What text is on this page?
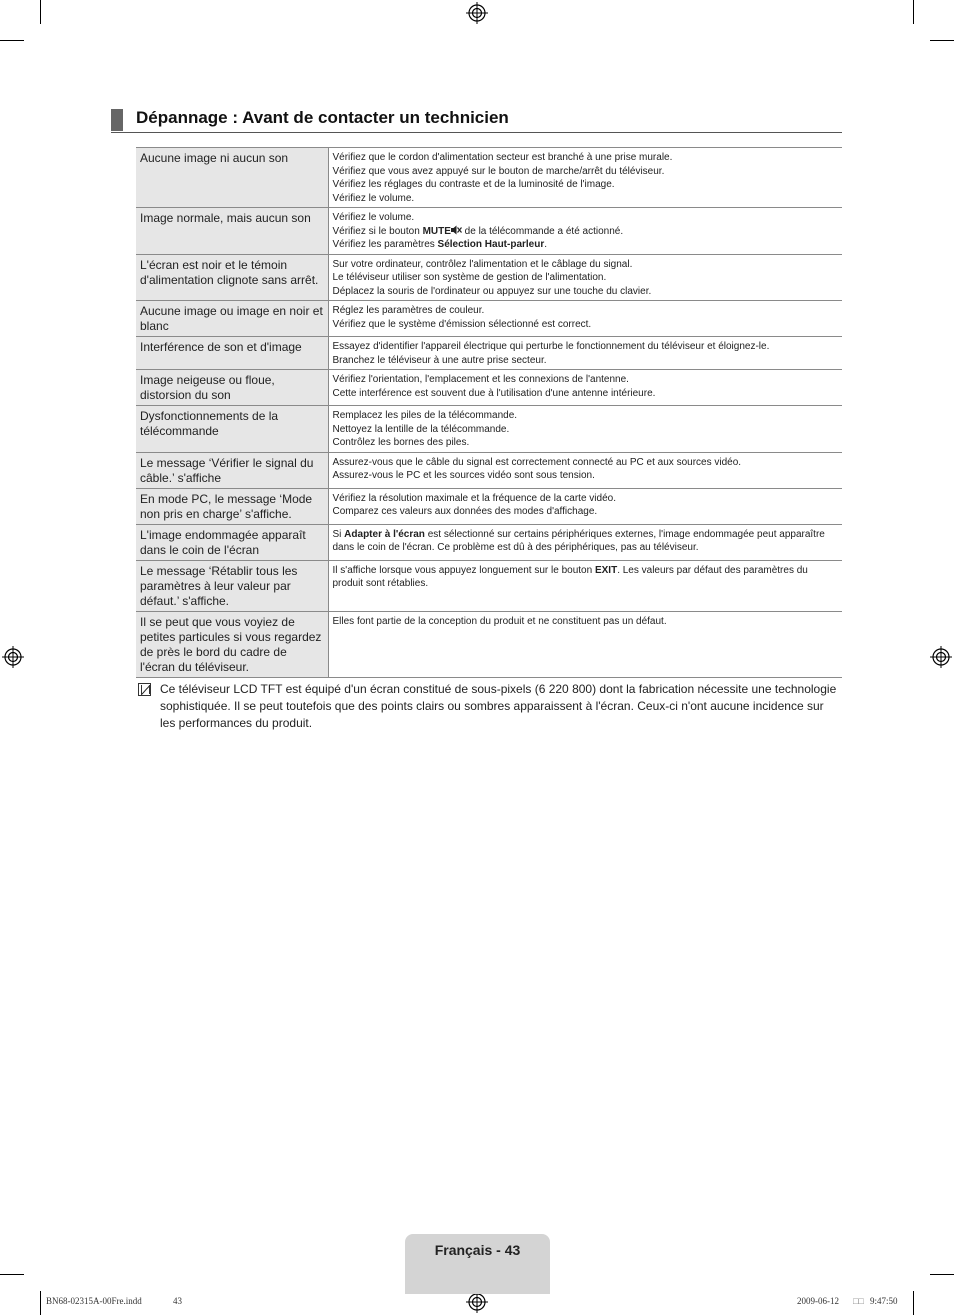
Dépannage : Avant de contacter un technicien
Aucune image ni aucun son	Vérifiez que le cordon d'alimentation secteur est branché à une prise murale.
Vérifiez que vous avez appuyé sur le bouton de marche/arrêt du téléviseur.
Vérifiez les réglages du contraste et de la luminosité de l'image.
Vérifiez le volume.

Image normale, mais aucun son	Vérifiez le volume.
Vérifiez si le bouton MUTE de la télécommande a été actionné.
Vérifiez les paramètres Sélection Haut-parleur.

L'écran est noir et le témoin d'alimentation clignote sans arrêt.	Sur votre ordinateur, contrôlez l'alimentation et le câblage du signal.
Le téléviseur utiliser son système de gestion de l'alimentation.
Déplacez la souris de l'ordinateur ou appuyez sur une touche du clavier.

Aucune image ou image en noir et blanc	Réglez les paramètres de couleur.
Vérifiez que le système d'émission sélectionné est correct.

Interférence de son et d'image	Essayez d'identifier l'appareil électrique qui perturbe le fonctionnement du téléviseur et éloignez-le.
Branchez le téléviseur à une autre prise secteur.

Image neigeuse ou floue, distorsion du son	Vérifiez l'orientation, l'emplacement et les connexions de l'antenne.
Cette interférence est souvent due à l'utilisation d'une antenne intérieure.

Dysfonctionnements de la télécommande	Remplacez les piles de la télécommande.
Nettoyez la lentille de la télécommande.
Contrôlez les bornes des piles.

Le message ‘Vérifier le signal du câble.’ s'affiche	Assurez-vous que le câble du signal est correctement connecté au PC et aux sources vidéo.
Assurez-vous le PC et les sources vidéo sont sous tension.

En mode PC, le message ‘Mode non pris en charge’ s'affiche.	Vérifiez la résolution maximale et la fréquence de la carte vidéo.
Comparez ces valeurs aux données des modes d'affichage.

L'image endommagée apparaît dans le coin de l'écran	Si Adapter à l'écran est sélectionné sur certains périphériques externes, l'image endommagée peut apparaître dans le coin de l'écran. Ce problème est dû à des périphériques, pas au téléviseur.

Le message ‘Rétablir tous les paramètres à leur valeur par défaut.’ s'affiche.	Il s'affiche lorsque vous appuyez longuement sur le bouton EXIT. Les valeurs par défaut des paramètres du produit sont rétablies.

Il se peut que vous voyiez de petites particules si vous regardez de près le bord du cadre de l'écran du téléviseur.	Elles font partie de la conception du produit et ne constituent pas un défaut.

Ce téléviseur LCD TFT est équipé d'un écran constitué de sous-pixels (6 220 800) dont la fabrication nécessite une technologie sophistiquée. Il se peut toutefois que des points clairs ou sombres apparaissent à l'écran. Ceux-ci n'ont aucune incidence sur les performances du produit.

Français - 43
BN68-02315A-00Fre.indd	43	2009-06-12 □□ 9:47:50
